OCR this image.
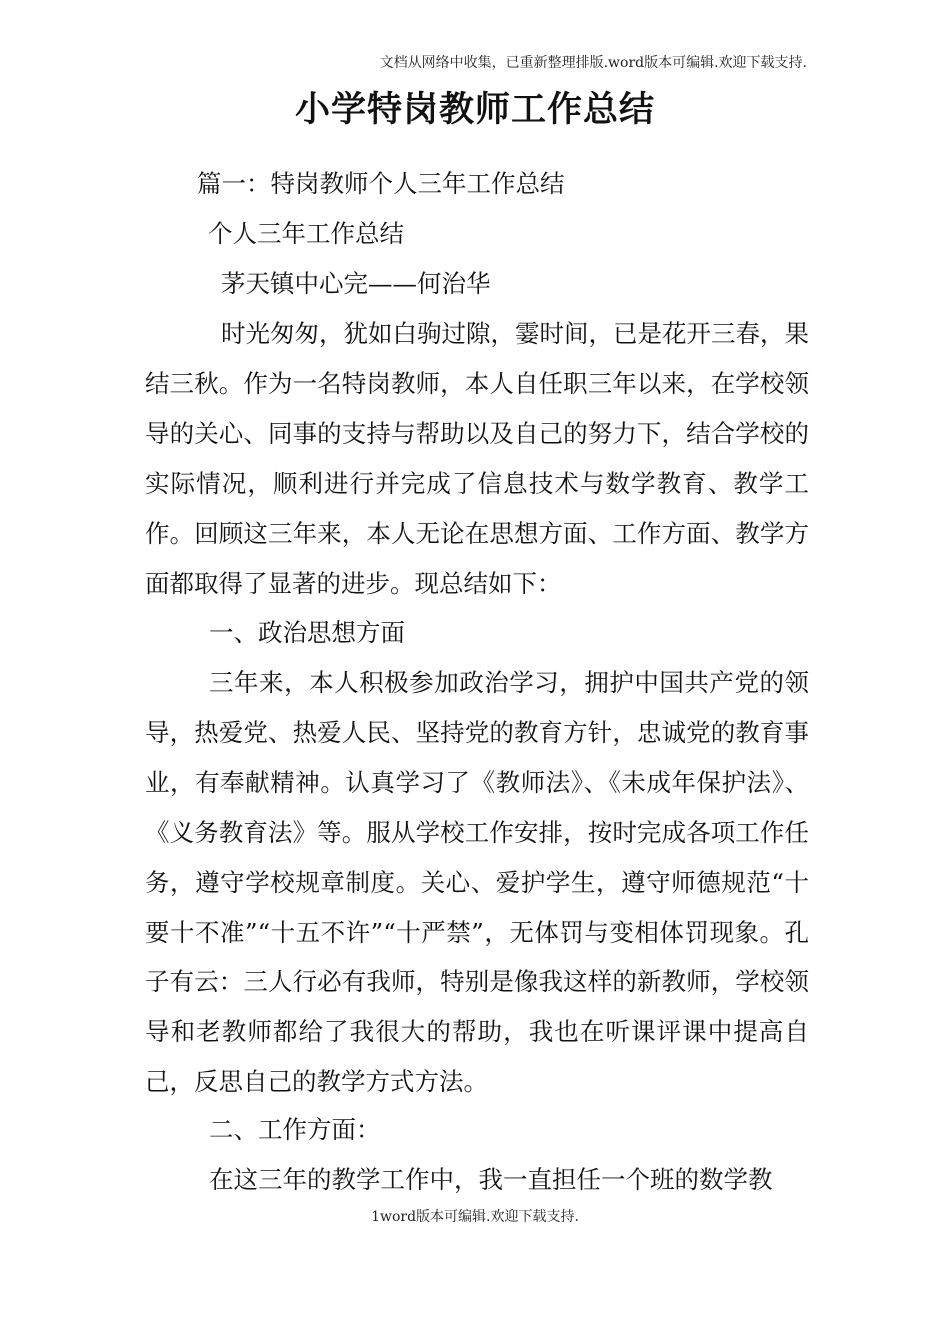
文档从网络中收集，已重新整理排版.word版本可编辑.欢迎下载支持.
小学特岗教师工作总结
篇一：特岗教师个人三年工作总结
个人三年工作总结
茅天镇中心完——何治华
时光匆匆，犹如白驹过隙，霎时间，已是花开三春，果结三秋。作为一名特岗教师，本人自任职三年以来，在学校领导的关心、同事的支持与帮助以及自己的努力下，结合学校的实际情况，顺利进行并完成了信息技术与数学教育、教学工作。回顾这三年来，本人无论在思想方面、工作方面、教学方面都取得了显著的进步。现总结如下：
一、政治思想方面
三年来，本人积极参加政治学习，拥护中国共产党的领导，热爱党、热爱人民、坚持党的教育方针，忠诚党的教育事业，有奉献精神。认真学习了《教师法》、《未成年保护法》、《义务教育法》等。服从学校工作安排，按时完成各项工作任务，遵守学校规章制度。关心、爱护学生，遵守师德规范“十要十不准”“十五不许”“十严禁”，无体罚与变相体罚现象。孔子有云：三人行必有我师，特别是像我这样的新教师，学校领导和老教师都给了我很大的帮助，我也在听课评课中提高自己，反思自己的教学方式方法。
二、工作方面：
在这三年的教学工作中，我一直担任一个班的数学教
1word版本可编辑.欢迎下载支持.
